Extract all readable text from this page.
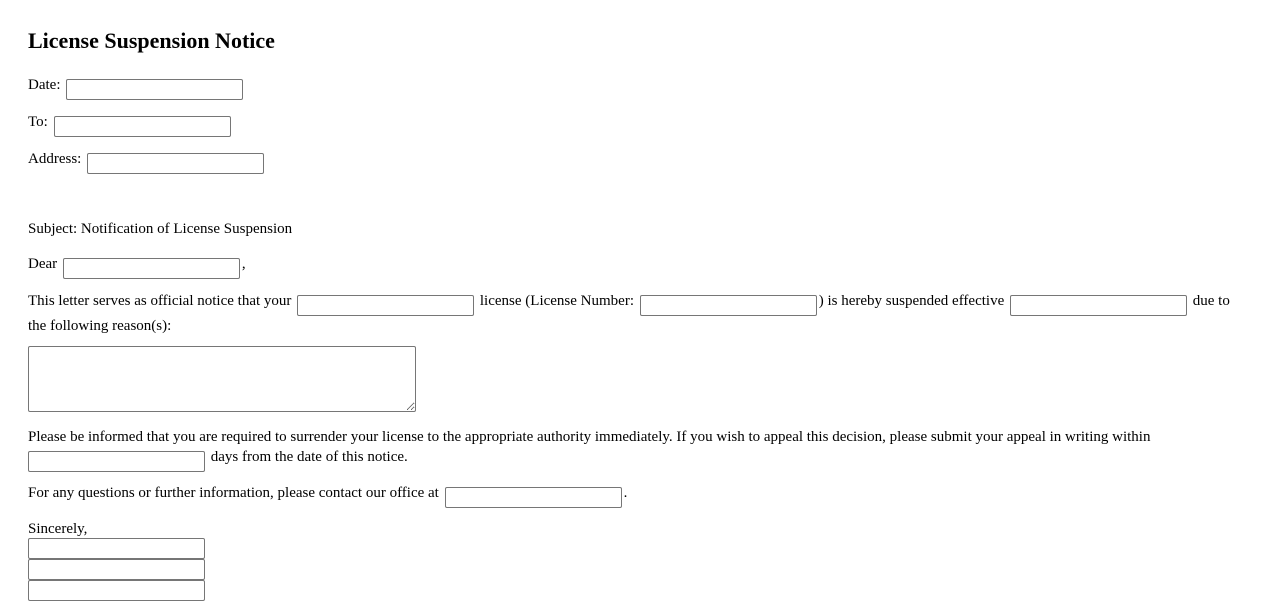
License Suspension Notice
Date:
To:
Address:
Subject: Notification of License Suspension
Dear	,
This letter serves as official notice that your	license (License Number:	) is hereby suspended effective	due to the following reason(s):
Please be informed that you are required to surrender your license to the appropriate authority immediately. If you wish to appeal this decision, please submit your appeal in writing within  days from the date of this notice.
For any questions or further information, please contact our office at	.
Sincerely,
